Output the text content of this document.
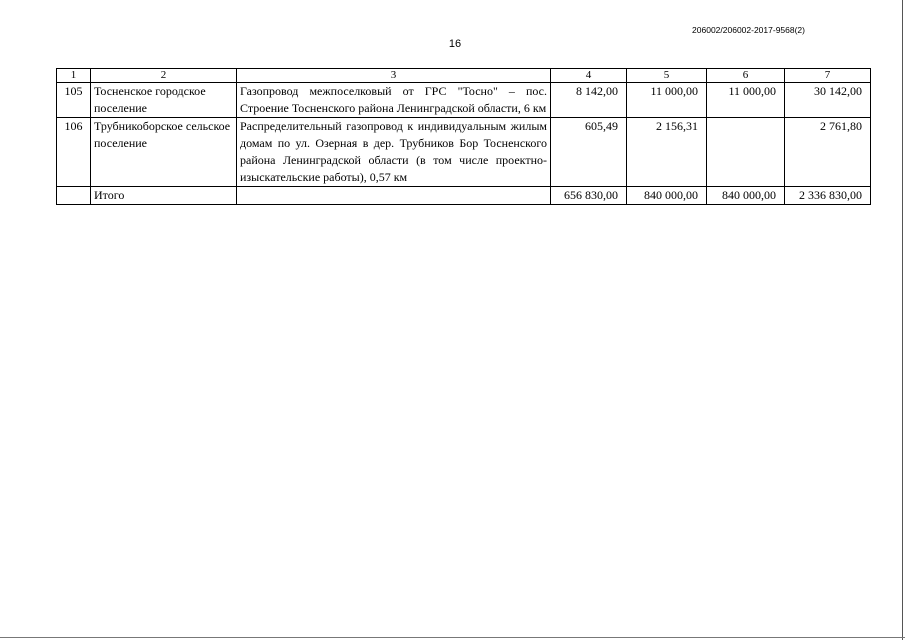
206002/206002-2017-9568(2)
16
1	2	3	4	5	6	7
105	Тосненское городское поселение	Газопровод межпоселковый от ГРС "Тосно" – пос. Строение Тосненского района Ленинградской области, 6 км	8 142,00	11 000,00	11 000,00	30 142,00
106	Трубникоборское сельское поселение	Распределительный газопровод к индивидуальным жилым домам по ул. Озерная в дер. Трубников Бор Тосненского района Ленинградской области (в том числе проектно-изыскательские работы), 0,57 км	605,49	2 156,31		2 761,80
	Итого		656 830,00	840 000,00	840 000,00	2 336 830,00
